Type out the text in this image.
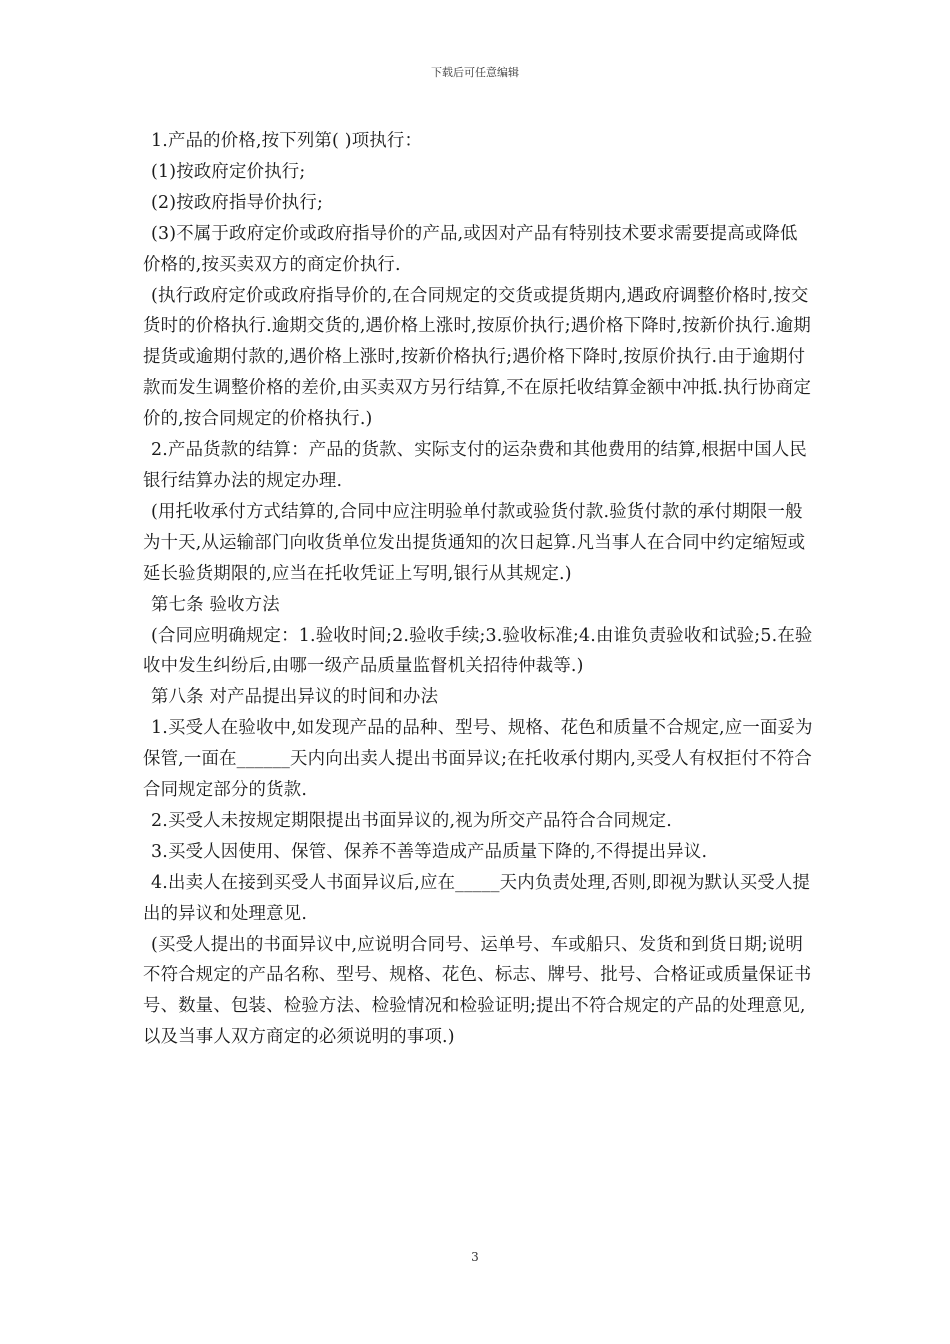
下载后可任意编辑

1.产品的价格,按下列第( )项执行：

(1)按政府定价执行;

(2)按政府指导价执行;

(3)不属于政府定价或政府指导价的产品,或因对产品有特别技术要求需要提高或降低价格的,按买卖双方的商定价执行.

(执行政府定价或政府指导价的,在合同规定的交货或提货期内,遇政府调整价格时,按交货时的价格执行.逾期交货的,遇价格上涨时,按原价执行;遇价格下降时,按新价执行.逾期提货或逾期付款的,遇价格上涨时,按新价格执行;遇价格下降时,按原价执行.由于逾期付款而发生调整价格的差价,由买卖双方另行结算,不在原托收结算金额中冲抵.执行协商定价的,按合同规定的价格执行.)

2.产品货款的结算：产品的货款、实际支付的运杂费和其他费用的结算,根据中国人民银行结算办法的规定办理.

(用托收承付方式结算的,合同中应注明验单付款或验货付款.验货付款的承付期限一般为十天,从运输部门向收货单位发出提货通知的次日起算.凡当事人在合同中约定缩短或延长验货期限的,应当在托收凭证上写明,银行从其规定.)

第七条 验收方法

(合同应明确规定：1.验收时间;2.验收手续;3.验收标准;4.由谁负责验收和试验;5.在验收中发生纠纷后,由哪一级产品质量监督机关招待仲裁等.)

第八条 对产品提出异议的时间和办法

1.买受人在验收中,如发现产品的品种、型号、规格、花色和质量不合规定,应一面妥为保管,一面在______天内向出卖人提出书面异议;在托收承付期内,买受人有权拒付不符合合同规定部分的货款.

2.买受人未按规定期限提出书面异议的,视为所交产品符合合同规定.

3.买受人因使用、保管、保养不善等造成产品质量下降的,不得提出异议.

4.出卖人在接到买受人书面异议后,应在_____天内负责处理,否则,即视为默认买受人提出的异议和处理意见.

(买受人提出的书面异议中,应说明合同号、运单号、车或船只、发货和到货日期;说明不符合规定的产品名称、型号、规格、花色、标志、牌号、批号、合格证或质量保证书号、数量、包装、检验方法、检验情况和检验证明;提出不符合规定的产品的处理意见,以及当事人双方商定的必须说明的事项.)

3
